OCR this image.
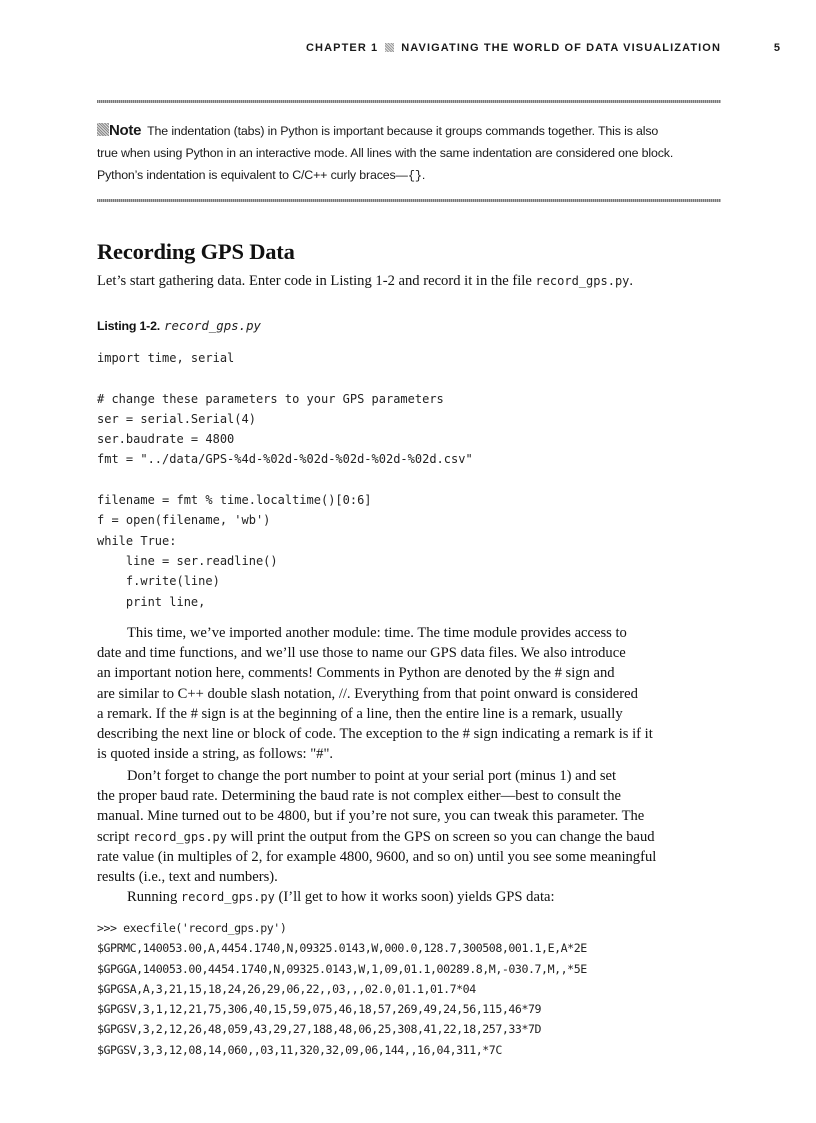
CHAPTER 1 NAVIGATING THE WORLD OF DATA VISUALIZATION	5
Note The indentation (tabs) in Python is important because it groups commands together. This is also
true when using Python in an interactive mode. All lines with the same indentation are considered one block.
Python’s indentation is equivalent to C/C++ curly braces—{}.
Recording GPS Data
Let’s start gathering data. Enter code in Listing 1-2 and record it in the file record_gps.py.
Listing 1-2. record_gps.py
import time, serial
# change these parameters to your GPS parameters
ser = serial.Serial(4)
ser.baudrate = 4800
fmt = "../data/GPS-%4d-%02d-%02d-%02d-%02d-%02d.csv"
filename = fmt % time.localtime()[0:6]
f = open(filename, 'wb')
while True:
line = ser.readline()
f.write(line)
print line,
This time, we’ve imported another module: time. The time module provides access to
date and time functions, and we’ll use those to name our GPS data files. We also introduce
an important notion here, comments! Comments in Python are denoted by the # sign and
are similar to C++ double slash notation, //. Everything from that point onward is considered
a remark. If the # sign is at the beginning of a line, then the entire line is a remark, usually
describing the next line or block of code. The exception to the # sign indicating a remark is if it
is quoted inside a string, as follows: "#".
Don’t forget to change the port number to point at your serial port (minus 1) and set
the proper baud rate. Determining the baud rate is not complex either—best to consult the
manual. Mine turned out to be 4800, but if you’re not sure, you can tweak this parameter. The
script record_gps.py will print the output from the GPS on screen so you can change the baud
rate value (in multiples of 2, for example 4800, 9600, and so on) until you see some meaningful
results (i.e., text and numbers).
Running record_gps.py (I’ll get to how it works soon) yields GPS data:
>>> execfile('record_gps.py')
$GPRMC,140053.00,A,4454.1740,N,09325.0143,W,000.0,128.7,300508,001.1,E,A*2E
$GPGGA,140053.00,4454.1740,N,09325.0143,W,1,09,01.1,00289.8,M,-030.7,M,,*5E
$GPGSA,A,3,21,15,18,24,26,29,06,22,,03,,,02.0,01.1,01.7*04
$GPGSV,3,1,12,21,75,306,40,15,59,075,46,18,57,269,49,24,56,115,46*79
$GPGSV,3,2,12,26,48,059,43,29,27,188,48,06,25,308,41,22,18,257,33*7D
$GPGSV,3,3,12,08,14,060,,03,11,320,32,09,06,144,,16,04,311,*7C
